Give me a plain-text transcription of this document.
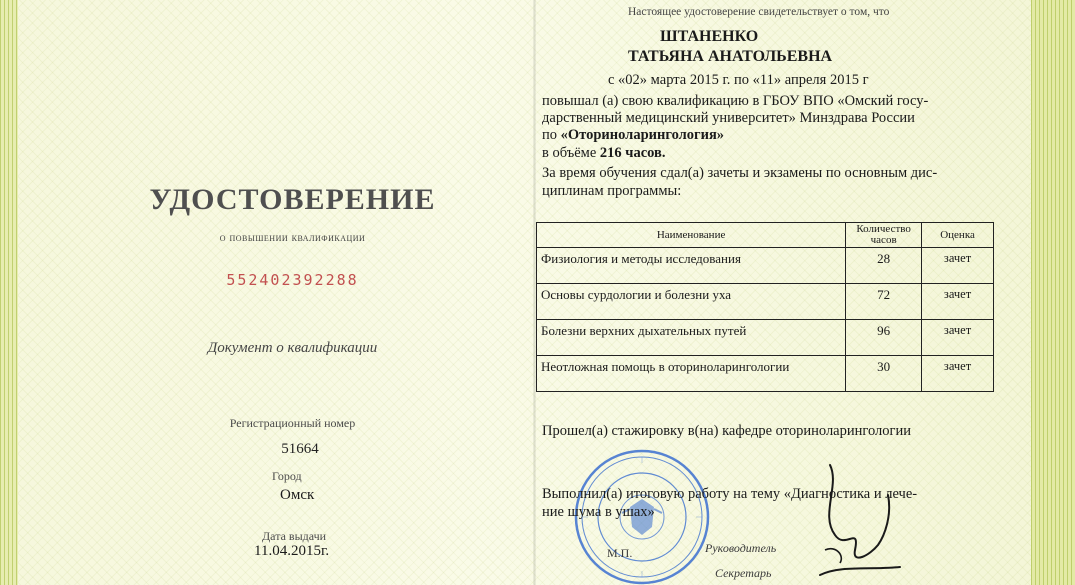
УДОСТОВЕРЕНИЕ
о повышении квалификации
552402392288
Документ о квалификации
Регистрационный номер
51664
Город
Омск
Дата выдачи
11.04.2015г.
Настоящее удостоверение свидетельствует о том, что
ШТАНЕНКО
ТАТЬЯНА АНАТОЛЬЕВНА
с «02» марта 2015 г. по «11» апреля 2015 г
повышал (а) свою квалификацию в ГБОУ ВПО «Омский госу-
дарственный медицинский университет» Минздрава России
по «Оториноларингология»
в объёме 216 часов.
За время обучения сдал(а) зачеты и экзамены по основным дис-
циплинам программы:
Наименование	Количество часов	Оценка
Физиология и методы исследования	28	зачет
Основы сурдологии и болезни уха	72	зачет
Болезни верхних дыхательных путей	96	зачет
Неотложная помощь в оториноларингологии	30	зачет
Прошел(а) стажировку в(на) кафедре оториноларингологии
Выполнил(а) итоговую работу на тему «Диагностика и лече-
ние шума в ушах»
М.П.	Руководитель
Секретарь
